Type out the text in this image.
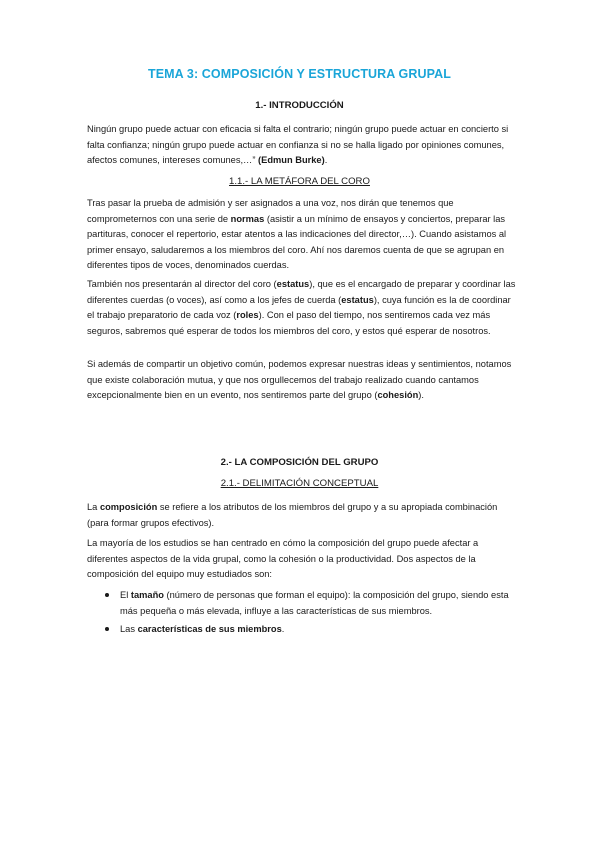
TEMA 3: COMPOSICIÓN Y ESTRUCTURA GRUPAL
1.- INTRODUCCIÓN

Ningún grupo puede actuar con eficacia si falta el contrario; ningún grupo puede actuar en concierto si falta confianza; ningún grupo puede actuar en confianza si no se halla ligado por opiniones comunes, afectos comunes, intereses comunes,…” (Edmun Burke).

1.1.- LA METÁFORA DEL CORO

Tras pasar la prueba de admisión y ser asignados a una voz, nos dirán que tenemos que comprometernos con una serie de normas (asistir a un mínimo de ensayos y conciertos, preparar las partituras, conocer el repertorio, estar atentos a las indicaciones del director,…). Cuando asistamos al primer ensayo, saludaremos a los miembros del coro. Ahí nos daremos cuenta de que se agrupan en diferentes tipos de voces, denominados cuerdas.

También nos presentarán al director del coro (estatus), que es el encargado de preparar y coordinar las diferentes cuerdas (o voces), así como a los jefes de cuerda (estatus), cuya función es la de coordinar el trabajo preparatorio de cada voz (roles). Con el paso del tiempo, nos sentiremos cada vez más seguros, sabremos qué esperar de todos los miembros del coro, y estos qué esperar de nosotros.

Si además de compartir un objetivo común, podemos expresar nuestras ideas y sentimientos, notamos que existe colaboración mutua, y que nos orgullecemos del trabajo realizado cuando cantamos excepcionalmente bien en un evento, nos sentiremos parte del grupo (cohesión).

2.- LA COMPOSICIÓN DEL GRUPO
2.1.- DELIMITACIÓN CONCEPTUAL

La composición se refiere a los atributos de los miembros del grupo y a su apropiada combinación (para formar grupos efectivos).

La mayoría de los estudios se han centrado en cómo la composición del grupo puede afectar a diferentes aspectos de la vida grupal, como la cohesión o la productividad. Dos aspectos de la composición del equipo muy estudiados son:

El tamaño (número de personas que forman el equipo): la composición del grupo, siendo esta más pequeña o más elevada, influye a las características de sus miembros.
Las características de sus miembros.
